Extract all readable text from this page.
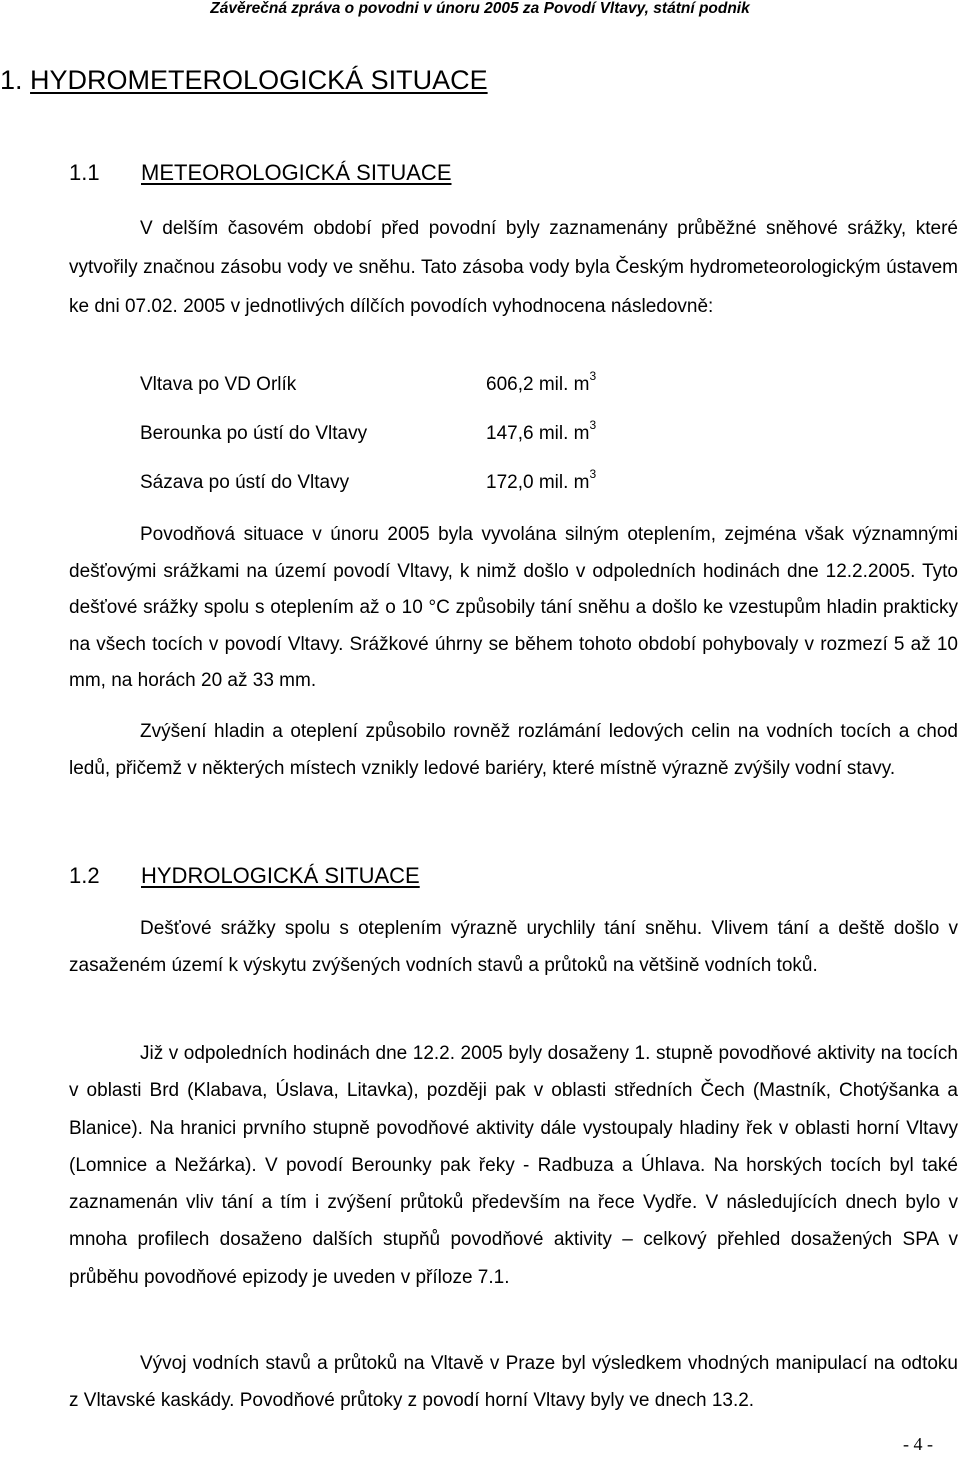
Závěrečná zpráva o povodni v únoru 2005 za Povodí Vltavy, státní podnik
1. HYDROMETEROLOGICKÁ SITUACE
1.1 METEOROLOGICKÁ SITUACE

V delším časovém období před povodní byly zaznamenány průběžné sněhové srážky, které vytvořily značnou zásobu vody ve sněhu. Tato zásoba vody byla Českým hydrometeorologickým ústavem ke dni 07.02. 2005 v jednotlivých dílčích povodích vyhodnocena následovně:

Vltava po VD Orlík	606,2 mil. $m^3$
Berounka po ústí do Vltavy	147,6 mil. $m^3$
Sázava po ústí do Vltavy	172,0 mil. $m^3$

Povodňová situace v únoru 2005 byla vyvolána silným oteplením, zejména však významnými dešťovými srážkami na území povodí Vltavy, k nimž došlo v odpoledních hodinách dne 12.2.2005. Tyto dešťové srážky spolu s oteplením až o 10 °C způsobily tání sněhu a došlo ke vzestupům hladin prakticky na všech tocích v povodí Vltavy. Srážkové úhrny se během tohoto období pohybovaly v rozmezí 5 až 10 mm, na horách 20 až 33 mm.

Zvýšení hladin a oteplení způsobilo rovněž rozlámání ledových celin na vodních tocích a chod ledů, přičemž v některých místech vznikly ledové bariéry, které místně výrazně zvýšily vodní stavy.

1.2 HYDROLOGICKÁ SITUACE

Dešťové srážky spolu s oteplením výrazně urychlily tání sněhu. Vlivem tání a deště došlo v zasaženém území k výskytu zvýšených vodních stavů a průtoků na většině vodních toků.

Již v odpoledních hodinách dne 12.2. 2005 byly dosaženy 1. stupně povodňové aktivity na tocích v oblasti Brd (Klabava, Úslava, Litavka), později pak v oblasti středních Čech (Mastník, Chotýšanka a Blanice). Na hranici prvního stupně povodňové aktivity dále vystoupaly hladiny řek v oblasti horní Vltavy (Lomnice a Nežárka). V povodí Berounky pak řeky - Radbuza a Úhlava. Na horských tocích byl také zaznamenán vliv tání a tím i zvýšení průtoků především na řece Vydře. V následujících dnech bylo v mnoha profilech dosaženo dalších stupňů povodňové aktivity – celkový přehled dosažených SPA v průběhu povodňové epizody je uveden v příloze 7.1.

Vývoj vodních stavů a průtoků na Vltavě v Praze byl výsledkem vhodných manipulací na odtoku z Vltavské kaskády. Povodňové průtoky z povodí horní Vltavy byly ve dnech 13.2.

- 4 -
